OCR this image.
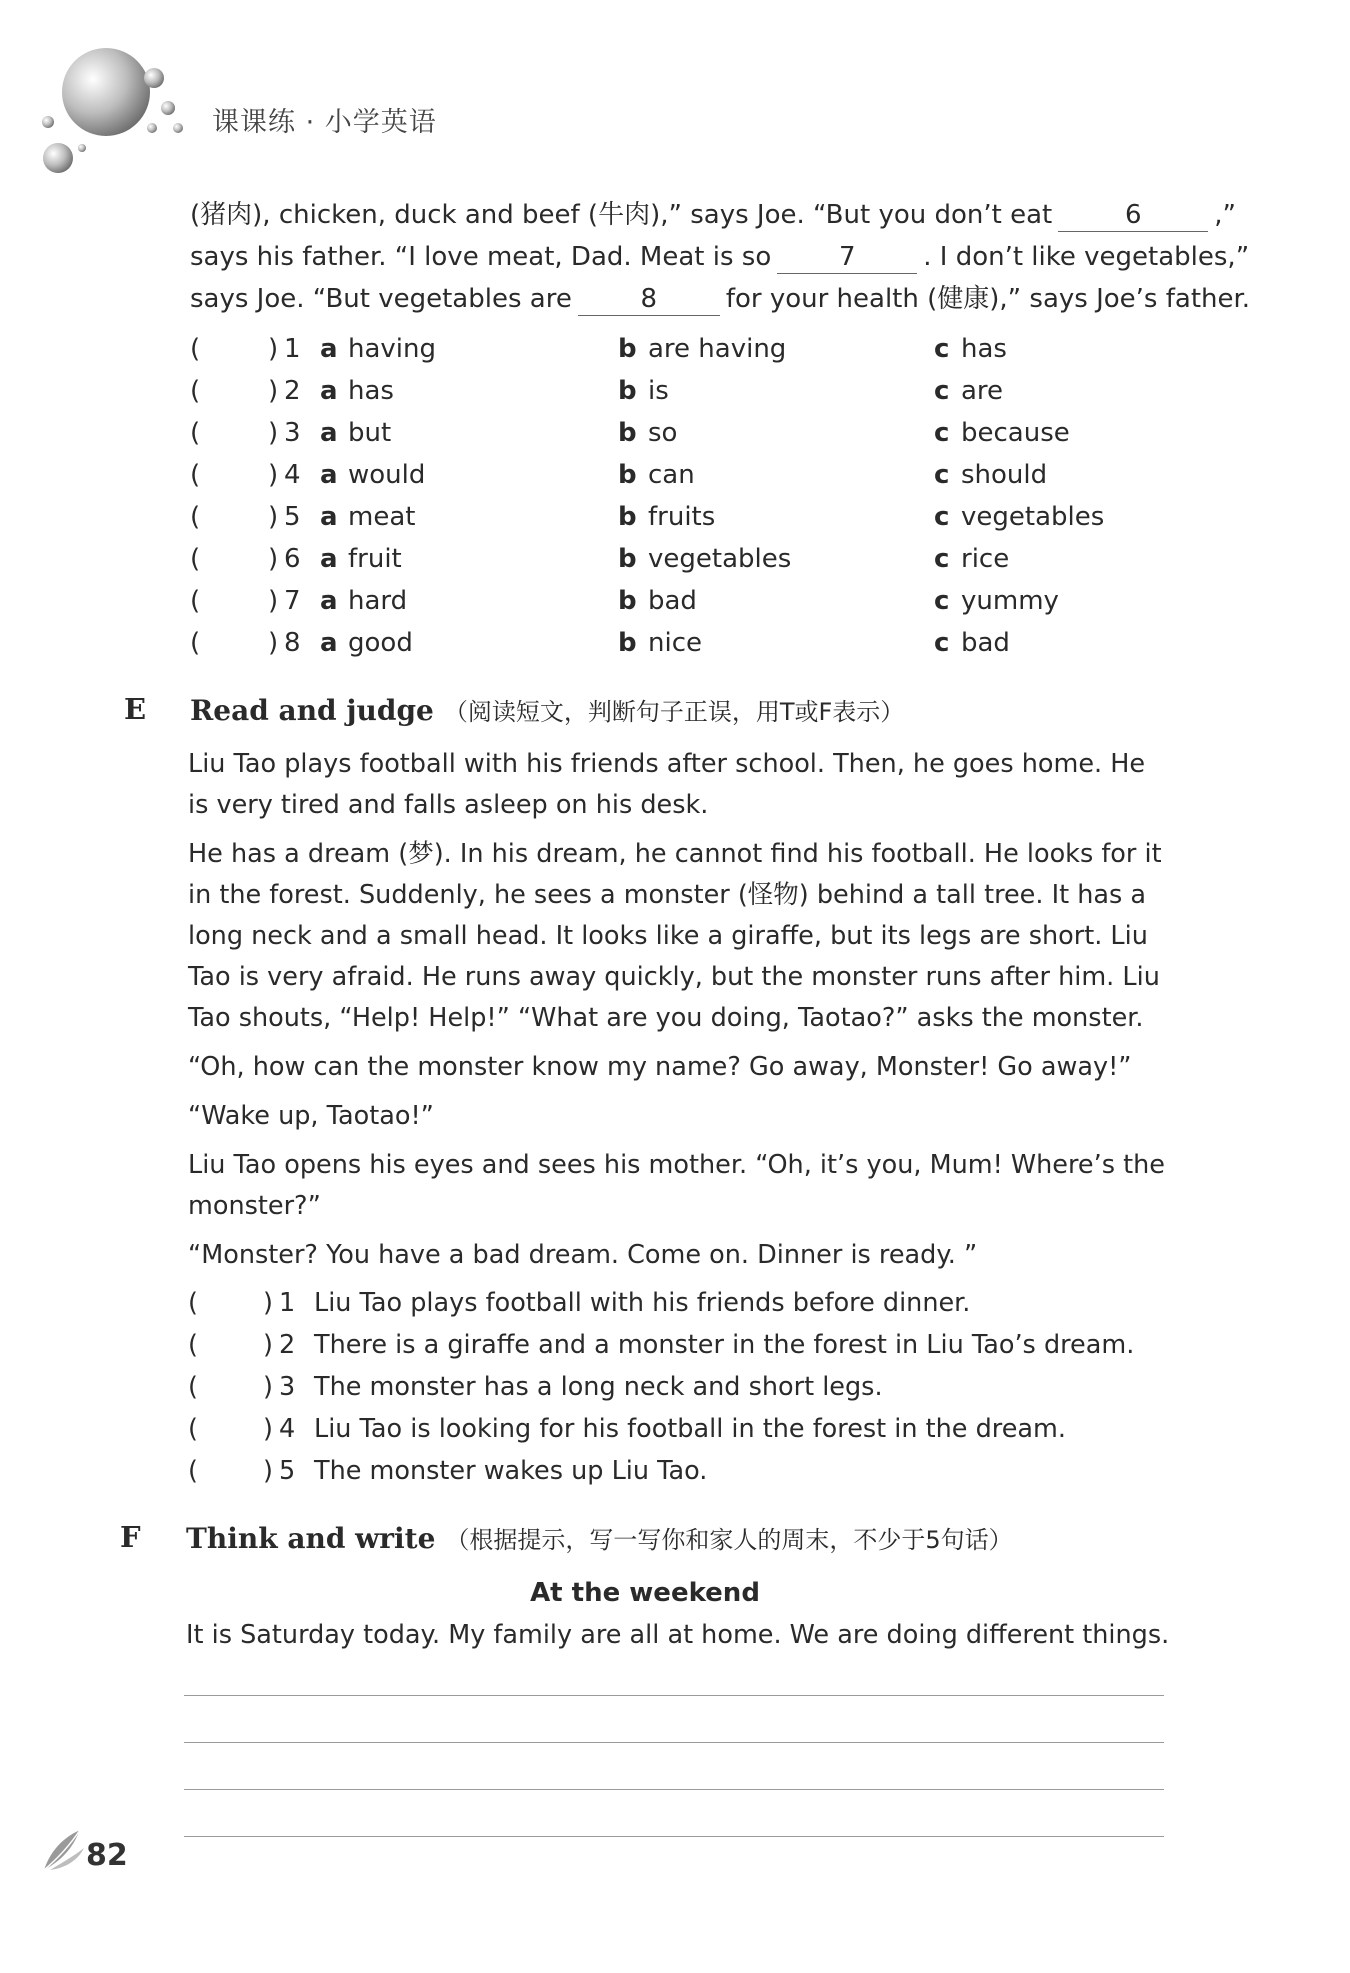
课课练 · 小学英语
(猪肉), chicken, duck and beef (牛肉),” says Joe. “But you don’t eat	6	,”
says his father. “I love meat, Dad. Meat is so	7	. I don’t like vegetables,”
says Joe. “But vegetables are	8	for your health (健康),” says Joe’s father.
(	) 1 a having	b are having	c has
(	) 2 a has	b is	c are
(	) 3 a but	b so	c because
(	) 4 a would	b can	c should
(	) 5 a meat	b fruits	c vegetables
(	) 6 a fruit	b vegetables	c rice
(	) 7 a hard	b bad	c yummy
(	) 8 a good	b nice	c bad
E Read and judge （阅读短文，判断句子正误，用T或F表示）

Liu Tao plays football with his friends after school. Then, he goes home. He is very tired and falls asleep on his desk.

He has a dream (梦). In his dream, he cannot find his football. He looks for it in the forest. Suddenly, he sees a monster (怪物) behind a tall tree. It has a long neck and a small head. It looks like a giraffe, but its legs are short. Liu Tao is very afraid. He runs away quickly, but the monster runs after him. Liu Tao shouts, “Help! Help!” “What are you doing, Taotao?” asks the monster.

“Oh, how can the monster know my name? Go away, Monster! Go away!”

“Wake up, Taotao!”

Liu Tao opens his eyes and sees his mother. “Oh, it’s you, Mum! Where’s the monster?”

“Monster? You have a bad dream. Come on. Dinner is ready. ”

(	) 1 Liu Tao plays football with his friends before dinner.
(	) 2 There is a giraffe and a monster in the forest in Liu Tao’s dream.
(	) 3 The monster has a long neck and short legs.
(	) 4 Liu Tao is looking for his football in the forest in the dream.
(	) 5 The monster wakes up Liu Tao.
F Think and write （根据提示，写一写你和家人的周末，不少于5句话）
At the weekend
It is Saturday today. My family are all at home. We are doing different things.
82
